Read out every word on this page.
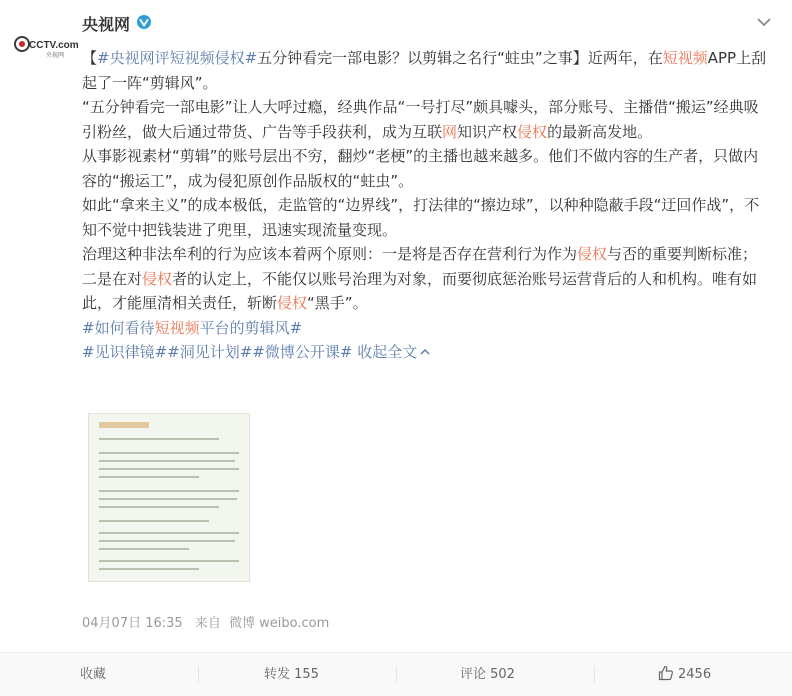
CCTV.com
央视网
央视网

【#央视网评短视频侵权#五分钟看完一部电影？以剪辑之名行“蛀虫”之事】近两年，在短视频APP上刮起了一阵“剪辑风”。

“五分钟看完一部电影”让人大呼过瘾，经典作品“一号打尽”颇具噱头，部分账号、主播借“搬运”经典吸引粉丝，做大后通过带货、广告等手段获利，成为互联网知识产权侵权的最新高发地。

从事影视素材“剪辑”的账号层出不穷，翻炒“老梗”的主播也越来越多。他们不做内容的生产者，只做内容的“搬运工”，成为侵犯原创作品版权的“蛀虫”。

如此“拿来主义”的成本极低，走监管的“边界线”，打法律的“擦边球”，以种种隐蔽手段“迂回作战”，不知不觉中把钱装进了兜里，迅速实现流量变现。

治理这种非法牟利的行为应该本着两个原则：一是将是否存在营利行为作为侵权与否的重要判断标准；二是在对侵权者的认定上，不能仅以账号治理为对象，而要彻底惩治账号运营背后的人和机构。唯有如此，才能厘清相关责任，斩断侵权“黑手”。

#如何看待短视频平台的剪辑风#

#见识律镜##洞见计划##微博公开课# 收起全文

04月07日 16:35 来自 微博 weibo.com
收藏	转发 155	评论 502	2456
